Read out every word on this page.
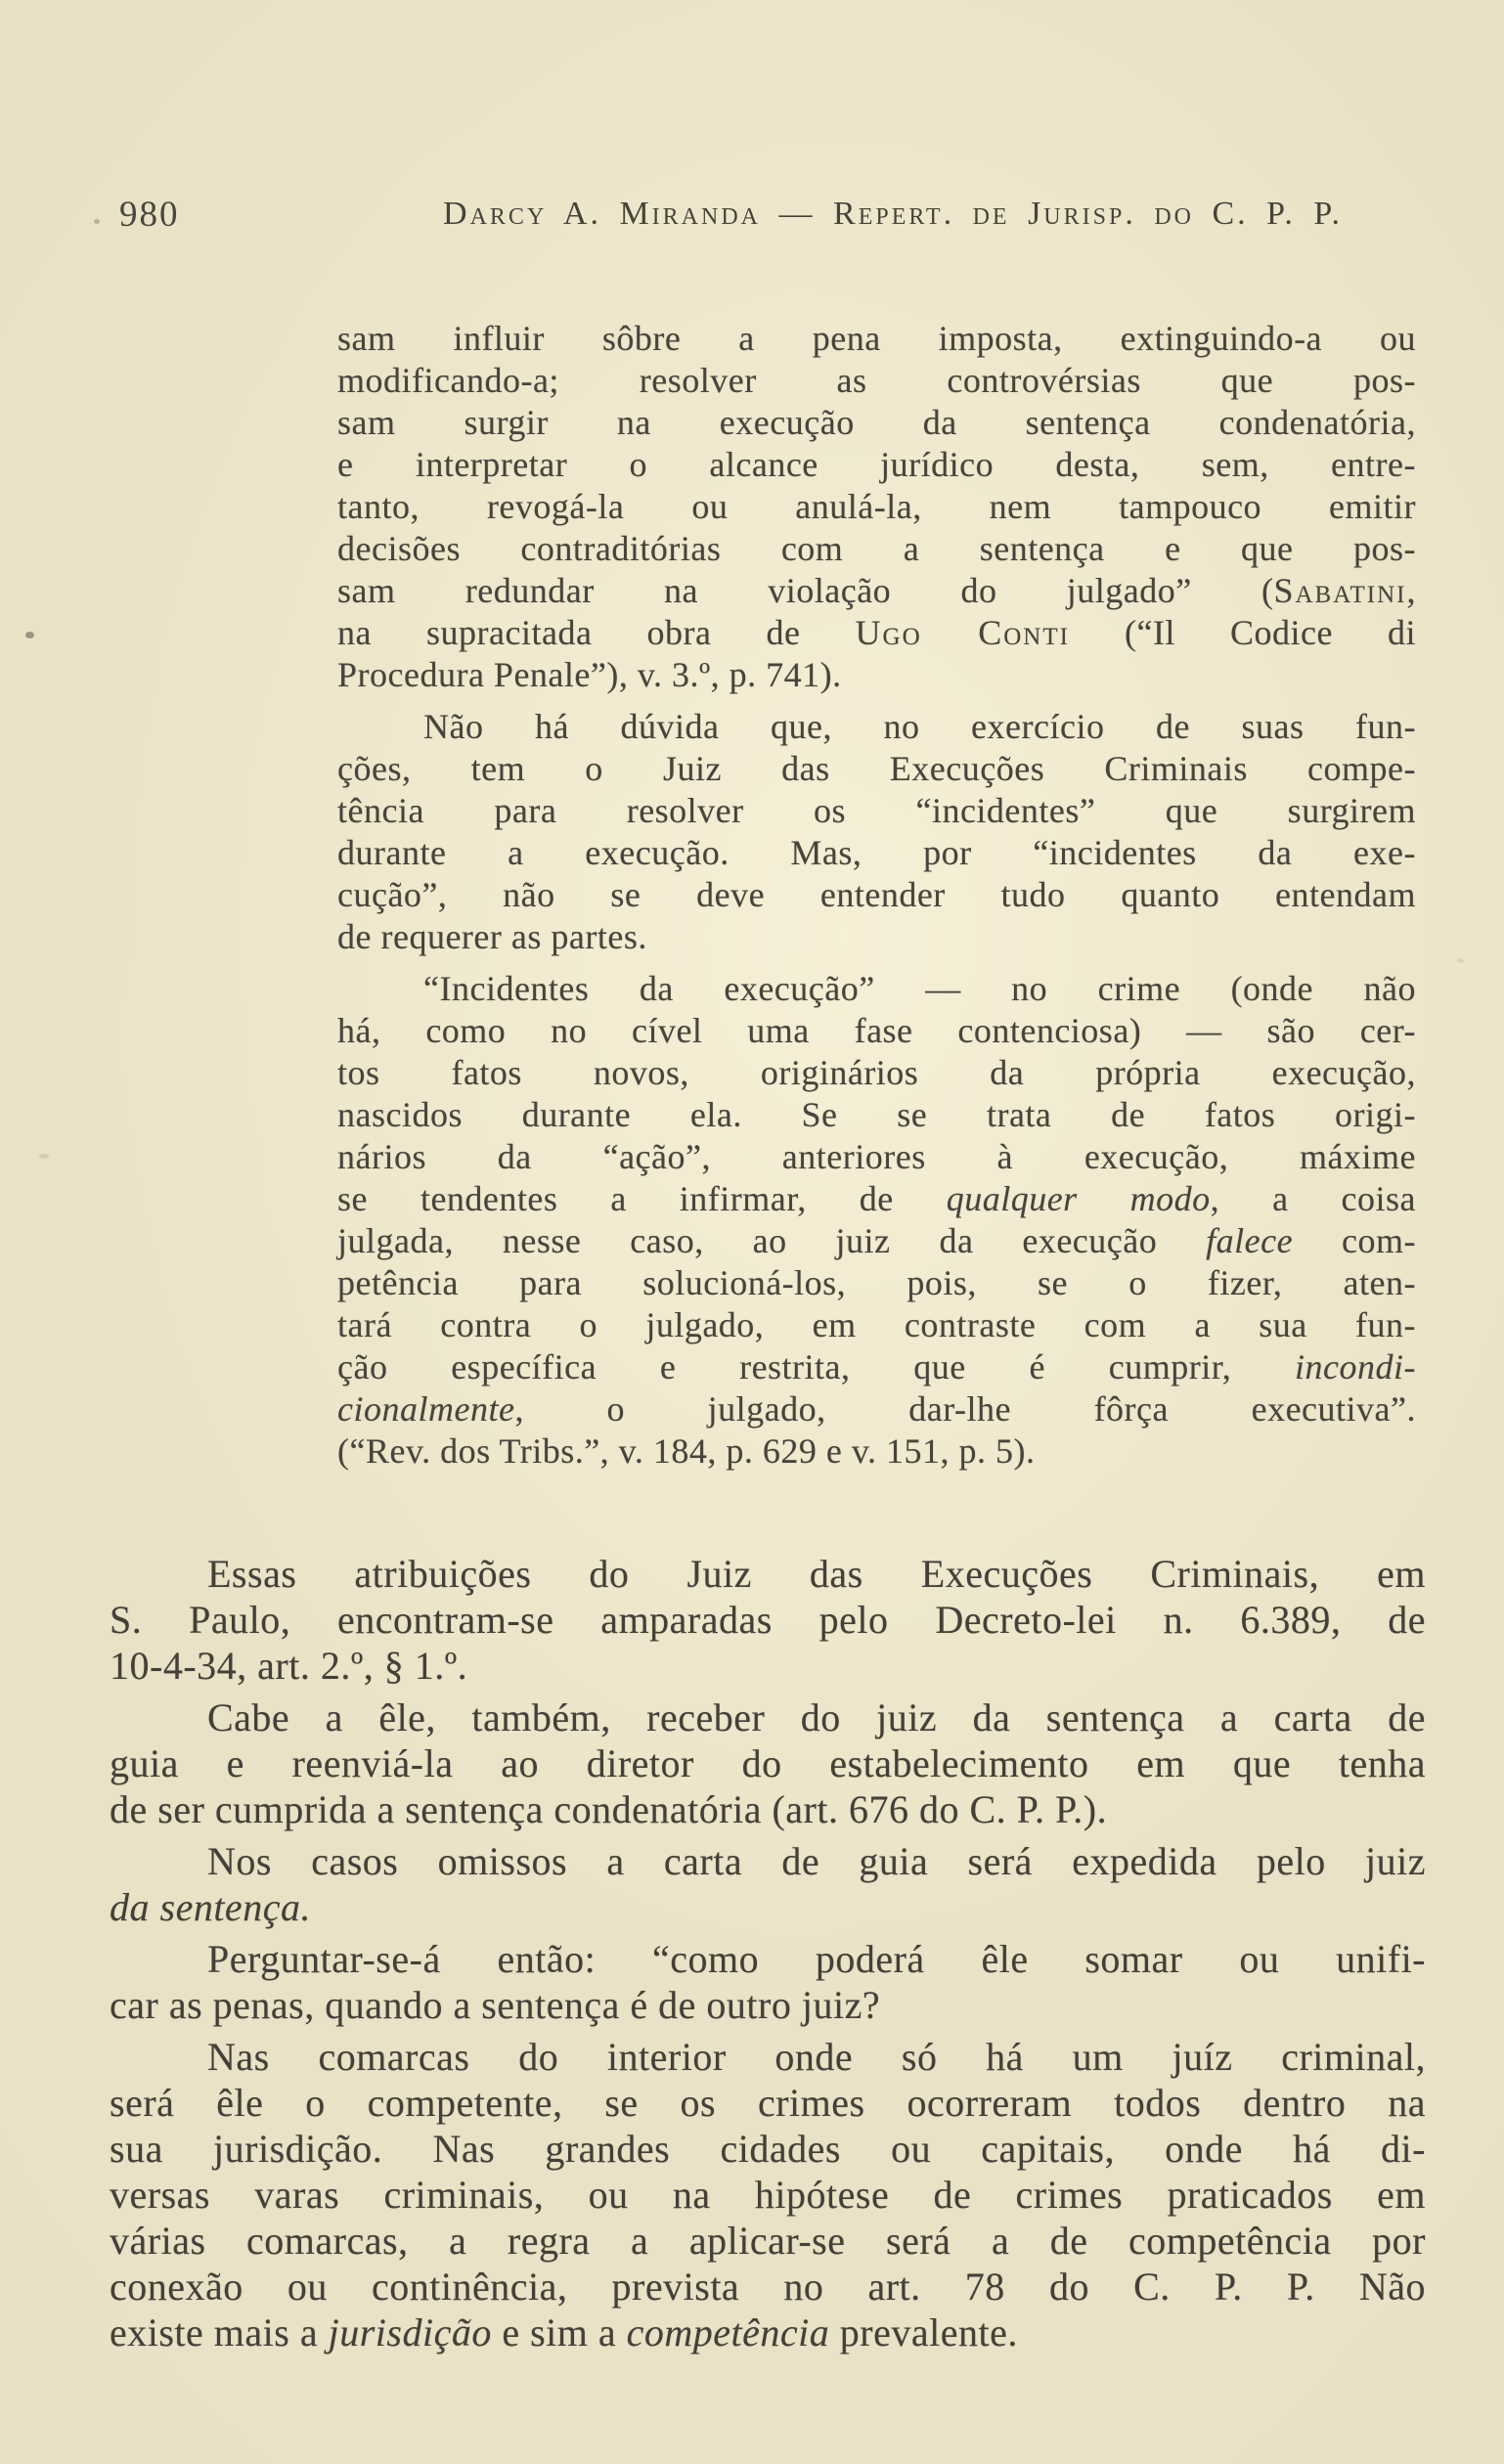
980	Darcy A. Miranda — Repert. de Jurisp. do C. P. P.
sam influir sôbre a pena imposta, extinguindo-a ou
modificando-a; resolver as controvérsias que pos-
sam surgir na execução da sentença condenatória,
e interpretar o alcance jurídico desta, sem, entre-
tanto, revogá-la ou anulá-la, nem tampouco emitir
decisões contraditórias com a sentença e que pos-
sam redundar na violação do julgado” (Sabatini,
na supracitada obra de Ugo Conti (“Il Codice di
Procedura Penale”), v. 3.º, p. 741).
Não há dúvida que, no exercício de suas fun-
ções, tem o Juiz das Execuções Criminais compe-
tência para resolver os “incidentes” que surgirem
durante a execução. Mas, por “incidentes da exe-
cução”, não se deve entender tudo quanto entendam
de requerer as partes.
“Incidentes da execução” — no crime (onde não
há, como no cível uma fase contenciosa) — são cer-
tos fatos novos, originários da própria execução,
nascidos durante ela. Se se trata de fatos origi-
nários da “ação”, anteriores à execução, máxime
se tendentes a infirmar, de qualquer modo, a coisa
julgada, nesse caso, ao juiz da execução falece com-
petência para solucioná-los, pois, se o fizer, aten-
tará contra o julgado, em contraste com a sua fun-
ção específica e restrita, que é cumprir, incondi-
cionalmente, o julgado, dar-lhe fôrça executiva”.
(“Rev. dos Tribs.”, v. 184, p. 629 e v. 151, p. 5).
Essas atribuições do Juiz das Execuções Criminais, em
S. Paulo, encontram-se amparadas pelo Decreto-lei n. 6.389, de
10-4-34, art. 2.º, § 1.º.
Cabe a êle, também, receber do juiz da sentença a carta de
guia e reenviá-la ao diretor do estabelecimento em que tenha
de ser cumprida a sentença condenatória (art. 676 do C. P. P.).
Nos casos omissos a carta de guia será expedida pelo juiz
da sentença.
Perguntar-se-á então: “como poderá êle somar ou unifi-
car as penas, quando a sentença é de outro juiz?
Nas comarcas do interior onde só há um juíz criminal,
será êle o competente, se os crimes ocorreram todos dentro na
sua jurisdição. Nas grandes cidades ou capitais, onde há di-
versas varas criminais, ou na hipótese de crimes praticados em
várias comarcas, a regra a aplicar-se será a de competência por
conexão ou continência, prevista no art. 78 do C. P. P. Não
existe mais a jurisdição e sim a competência prevalente.
